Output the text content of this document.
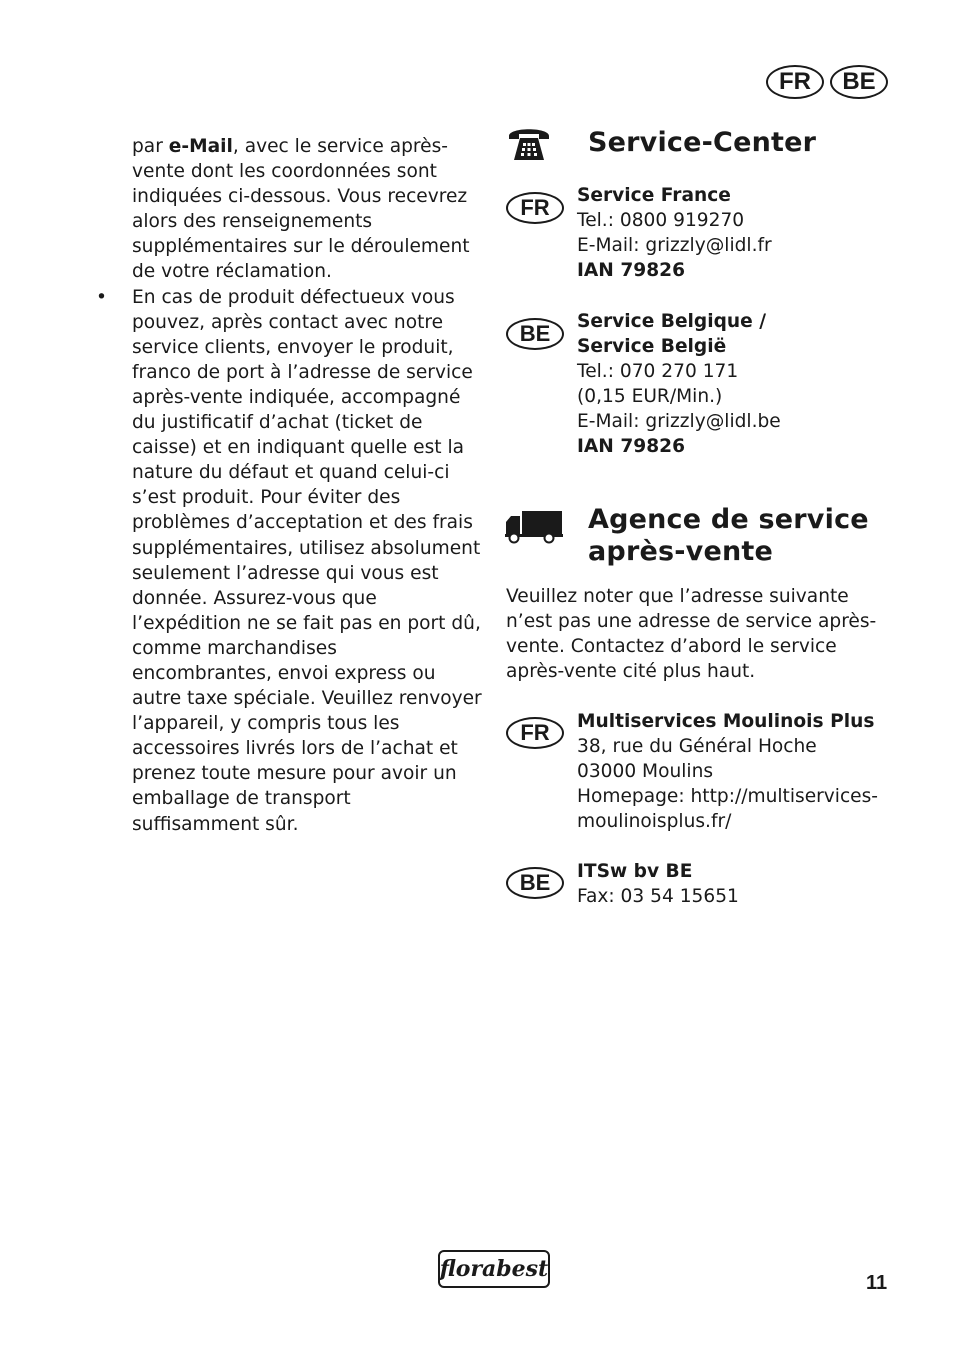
FR	BE

par e-Mail, avec le service après-vente dont les coordonnées sont indiquées ci-dessous. Vous recevrez alors des renseignements supplémentaires sur le déroulement de votre réclamation.

• En cas de produit défectueux vous pouvez, après contact avec notre service clients, envoyer le produit, franco de port à l’adresse de service après-vente indiquée, accompagné du justificatif d’achat (ticket de caisse) et en indiquant quelle est la nature du défaut et quand celui-ci s’est produit. Pour éviter des problèmes d’acceptation et des frais supplémentaires, utilisez absolument seulement l’adresse qui vous est donnée. Assurez-vous que l’expédition ne se fait pas en port dû, comme marchandises encombrantes, envoi express ou autre taxe spéciale. Veuillez renvoyer l’appareil, y compris tous les accessoires livrés lors de l’achat et prenez toute mesure pour avoir un emballage de transport suffisamment sûr.
Service-Center
FR	Service France
Tel.: 0800 919270
E-Mail: grizzly@lidl.fr
IAN 79826
BE	Service Belgique /
Service België
Tel.: 070 270 171
(0,15 EUR/Min.)
E-Mail: grizzly@lidl.be
IAN 79826
Agence de service
après-vente

Veuillez noter que l’adresse suivante n’est pas une adresse de service après-vente. Contactez d’abord le service après-vente cité plus haut.

FR	Multiservices Moulinois Plus
38, rue du Général Hoche
03000 Moulins
Homepage: http://multiservices-
moulinoisplus.fr/
BE	ITSw bv BE
Fax: 03 54 15651
florabest
11
